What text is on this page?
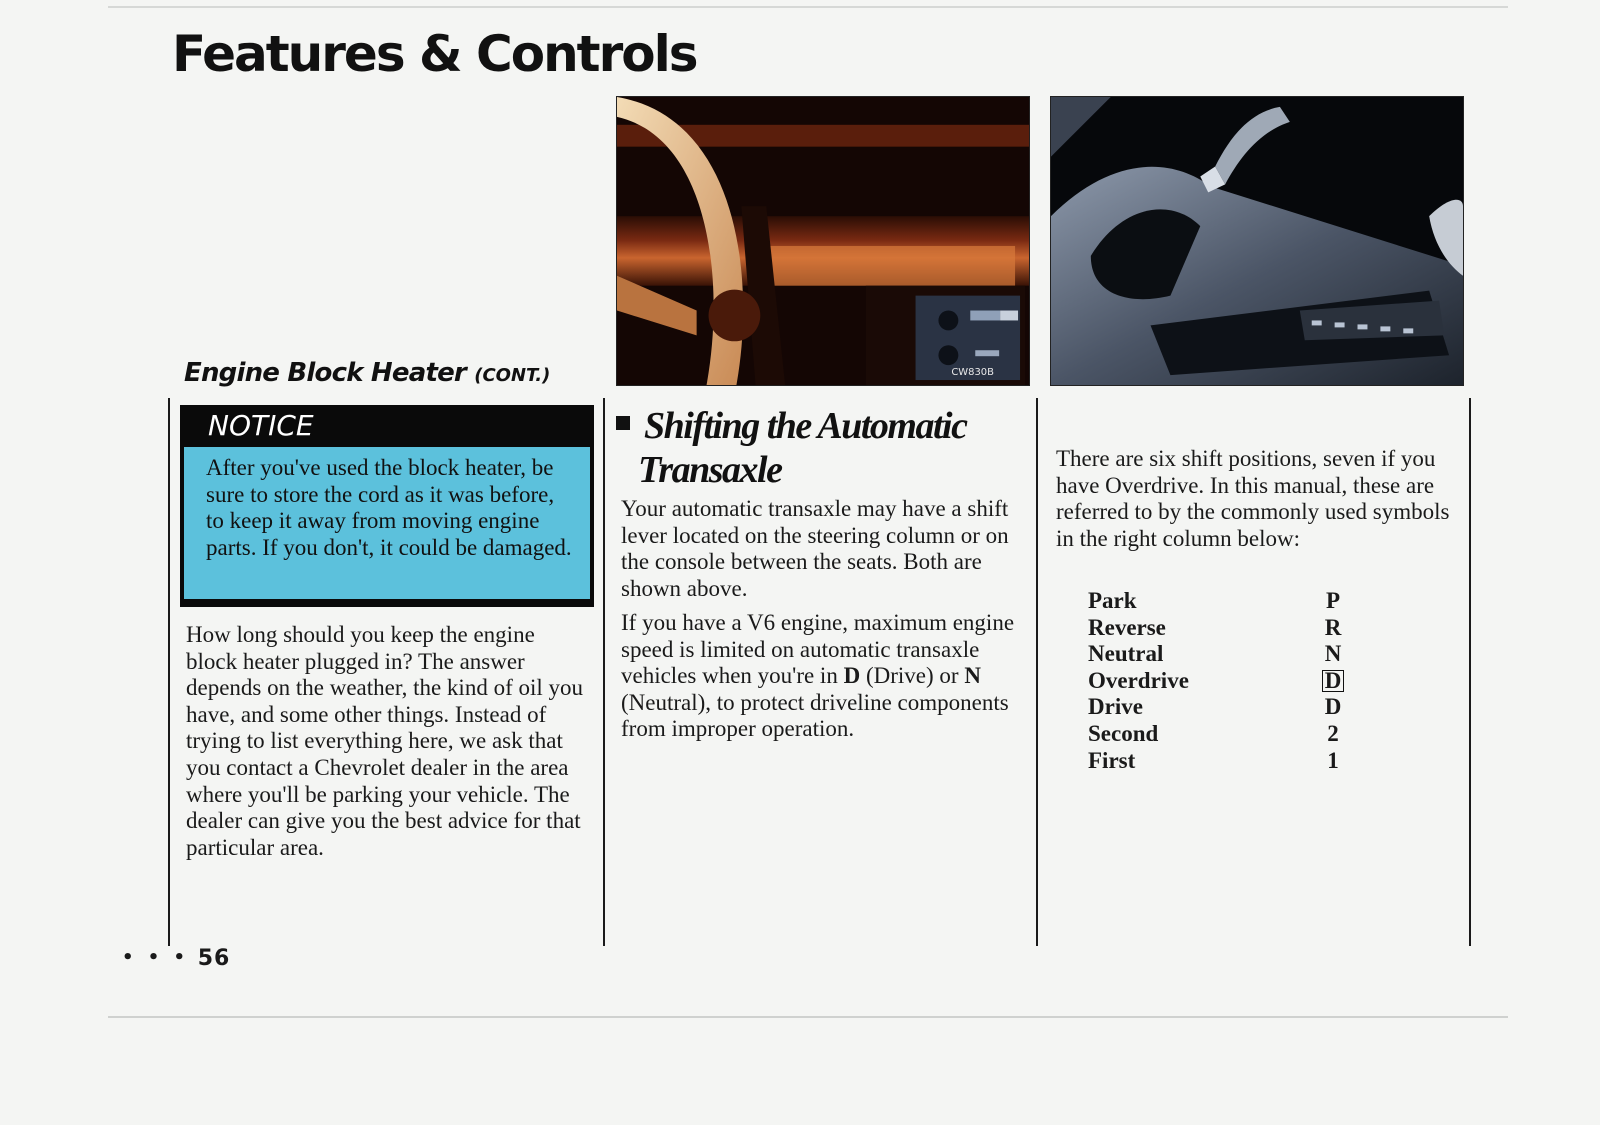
Features & Controls
Engine Block Heater (CONT.)
NOTICE
After you've used the block heater, be sure to store the cord as it was before, to keep it away from moving engine parts. If you don't, it could be damaged.

How long should you keep the engine block heater plugged in? The answer depends on the weather, the kind of oil you have, and some other things. Instead of trying to list everything here, we ask that you contact a Chevrolet dealer in the area where you'll be parking your vehicle. The dealer can give you the best advice for that particular area.

CW830B
Shifting the Automatic
Transaxle

Your automatic transaxle may have a shift lever located on the steering column or on the console between the seats. Both are shown above.

If you have a V6 engine, maximum engine speed is limited on automatic transaxle vehicles when you're in D (Drive) or N (Neutral), to protect driveline components from improper operation.

There are six shift positions, seven if you have Overdrive. In this manual, these are referred to by the commonly used symbols in the right column below:

Park	P
Reverse	R
Neutral	N
Overdrive	D
Drive	D
Second	2
First	1
• • • 56
